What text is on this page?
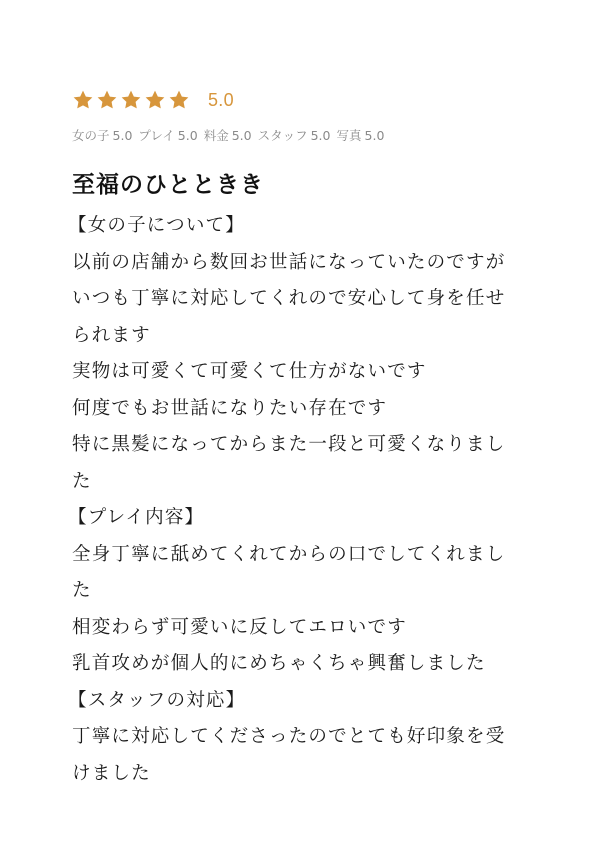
5.0
女の子 5.0 プレイ 5.0 料金 5.0 スタッフ 5.0 写真 5.0
至福のひとときき
【女の子について】
以前の店舗から数回お世話になっていたのですが
いつも丁寧に対応してくれので安心して身を任せ
られます
実物は可愛くて可愛くて仕方がないです
何度でもお世話になりたい存在です
特に黒髪になってからまた一段と可愛くなりまし
た
【プレイ内容】
全身丁寧に舐めてくれてからの口でしてくれまし
た
相変わらず可愛いに反してエロいです
乳首攻めが個人的にめちゃくちゃ興奮しました
【スタッフの対応】
丁寧に対応してくださったのでとても好印象を受
けました
